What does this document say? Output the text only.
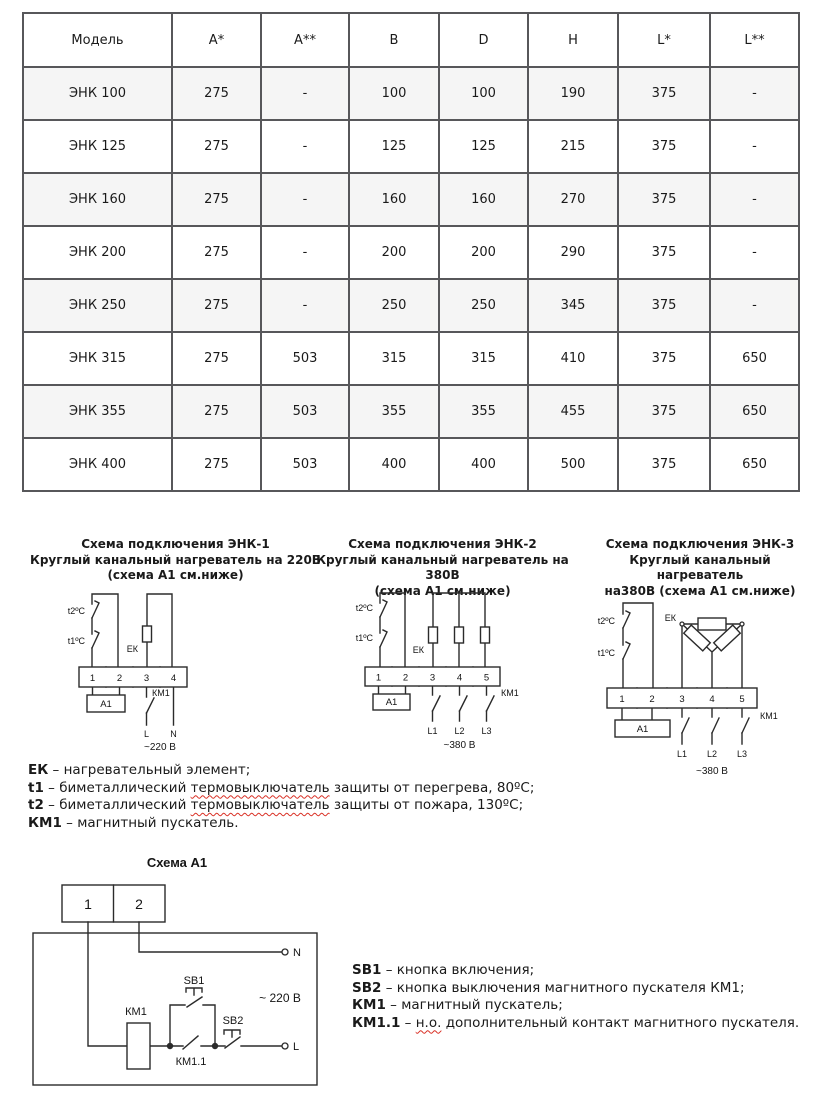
Модель	A*	A**	B	D	H	L*	L**
ЭНК 100	275	-	100	100	190	375	-
ЭНК 125	275	-	125	125	215	375	-
ЭНК 160	275	-	160	160	270	375	-
ЭНК 200	275	-	200	200	290	375	-
ЭНК 250	275	-	250	250	345	375	-
ЭНК 315	275	503	315	315	410	375	650
ЭНК 355	275	503	355	355	455	375	650
ЭНК 400	275	503	400	400	500	375	650
Схема подключения ЭНК-1
Круглый канальный нагреватель на 220В
(схема А1 см.ниже)
Схема подключения ЭНК-2
Круглый канальный нагреватель на 380В
(схема А1 см.ниже)
Схема подключения ЭНК-3
Круглый канальный нагреватель
на380В (схема А1 см.ниже)
t2ºС
t1ºС
ЕК
1 2 3 4
А1
КМ1
L N
~220 В
t2ºС
t1ºС
ЕК
1 2 3 4 5
А1
КМ1
L1 L2 L3
~380 В
t2ºС
t1ºС
ЕК
1	2	3	4	5
А1
КМ1
L1 L2 L3
~380 В
ЕК – нагревательный элемент;
t1 – биметаллический термовыключатель защиты от перегрева, 80ºС;
t2 – биметаллический термовыключатель защиты от пожара, 130ºС;
КМ1 – магнитный пускатель.
Схема А1
1	2
КМ1
SB1
SB2
КМ1.1
N
L
~ 220 В
SB1 – кнопка включения;
SB2 – кнопка выключения магнитного пускателя КМ1;
КМ1 – магнитный пускатель;
КМ1.1 – н.о. дополнительный контакт магнитного пускателя.
